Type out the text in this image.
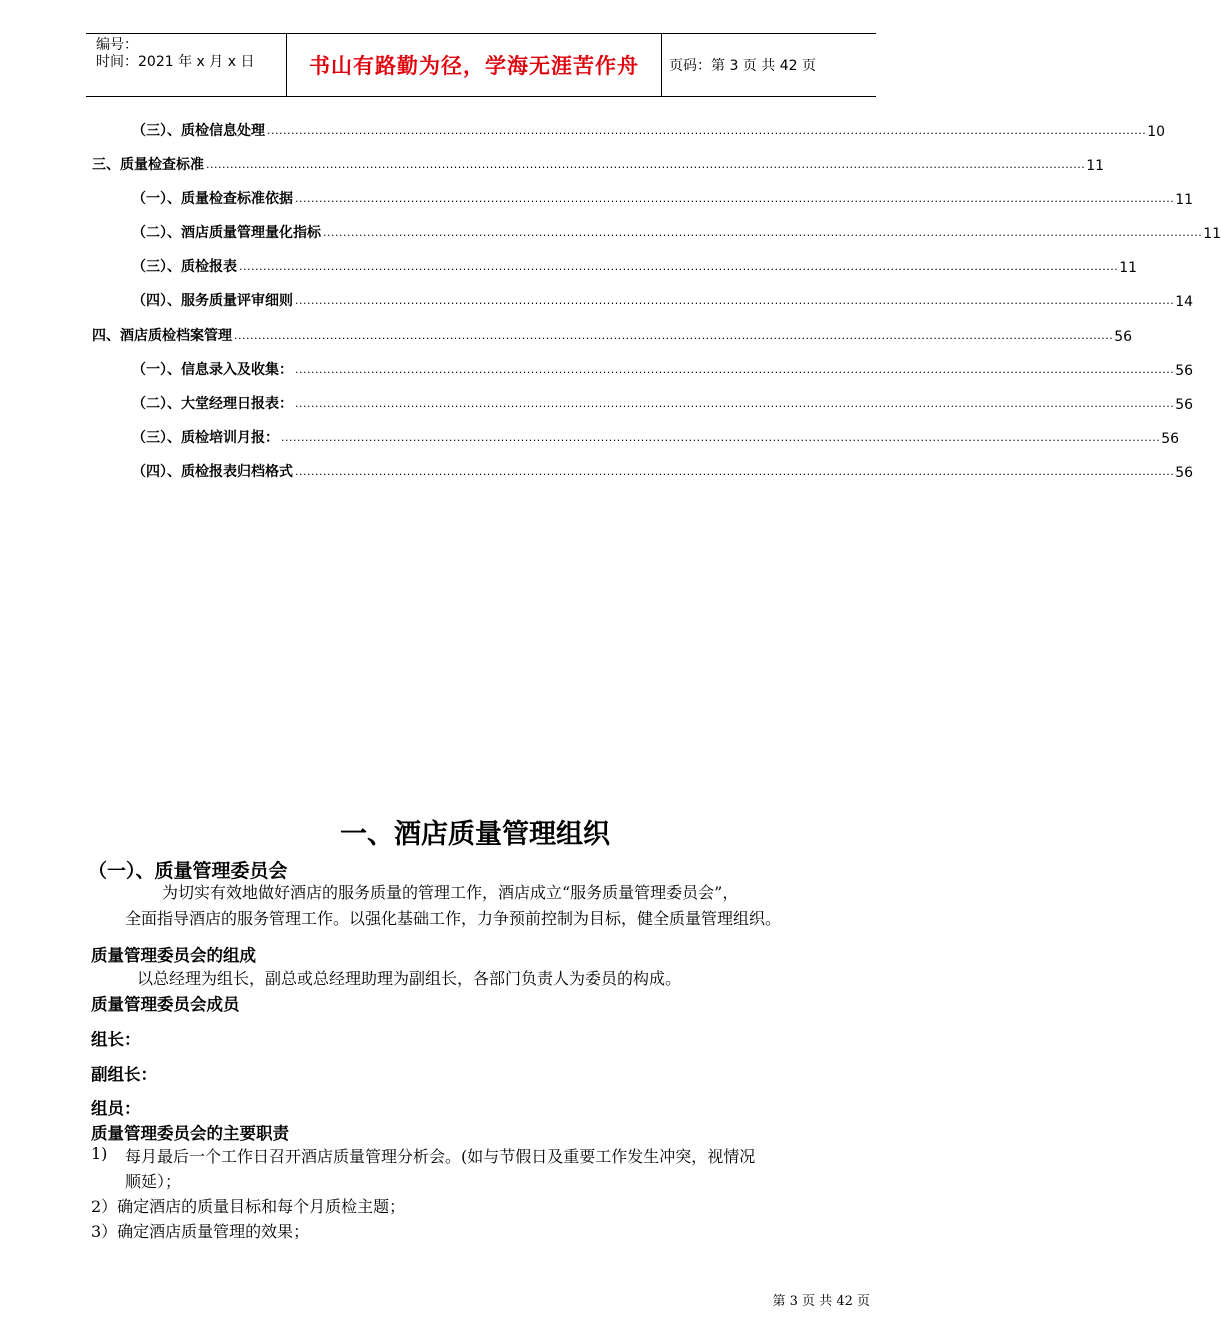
编号：
时间：2021 年 x 月 x 日	书山有路勤为径，学海无涯苦作舟	页码：第 3 页 共 42 页
（三）、质检信息处理 ............................................................................................................................................................................................................................ 10
三、质量检查标准 ............................................................................................................................................................................................................................ 11
（一）、质量检查标准依据 ............................................................................................................................................................................................................................ 11
（二）、酒店质量管理量化指标 ............................................................................................................................................................................................................................ 11
（三）、质检报表 ............................................................................................................................................................................................................................ 11
（四）、服务质量评审细则 ............................................................................................................................................................................................................................ 14
四、酒店质检档案管理 ............................................................................................................................................................................................................................ 56
（一）、信息录入及收集： ............................................................................................................................................................................................................................ 56
（二）、大堂经理日报表： ............................................................................................................................................................................................................................ 56
（三）、质检培训月报： ............................................................................................................................................................................................................................ 56
（四）、质检报表归档格式 ............................................................................................................................................................................................................................ 56
一、酒店质量管理组织
（一）、质量管理委员会
为切实有效地做好酒店的服务质量的管理工作，酒店成立“服务质量管理委员会”，
全面指导酒店的服务管理工作。以强化基础工作，力争预前控制为目标，健全质量管理组织。
质量管理委员会的组成
以总经理为组长，副总或总经理助理为副组长，各部门负责人为委员的构成。
质量管理委员会成员
组长：
副组长：
组员：
质量管理委员会的主要职责
1) 每月最后一个工作日召开酒店质量管理分析会。(如与节假日及重要工作发生冲突，视情况
顺延）；
2）确定酒店的质量目标和每个月质检主题；
3）确定酒店质量管理的效果；
第 3 页 共 42 页
